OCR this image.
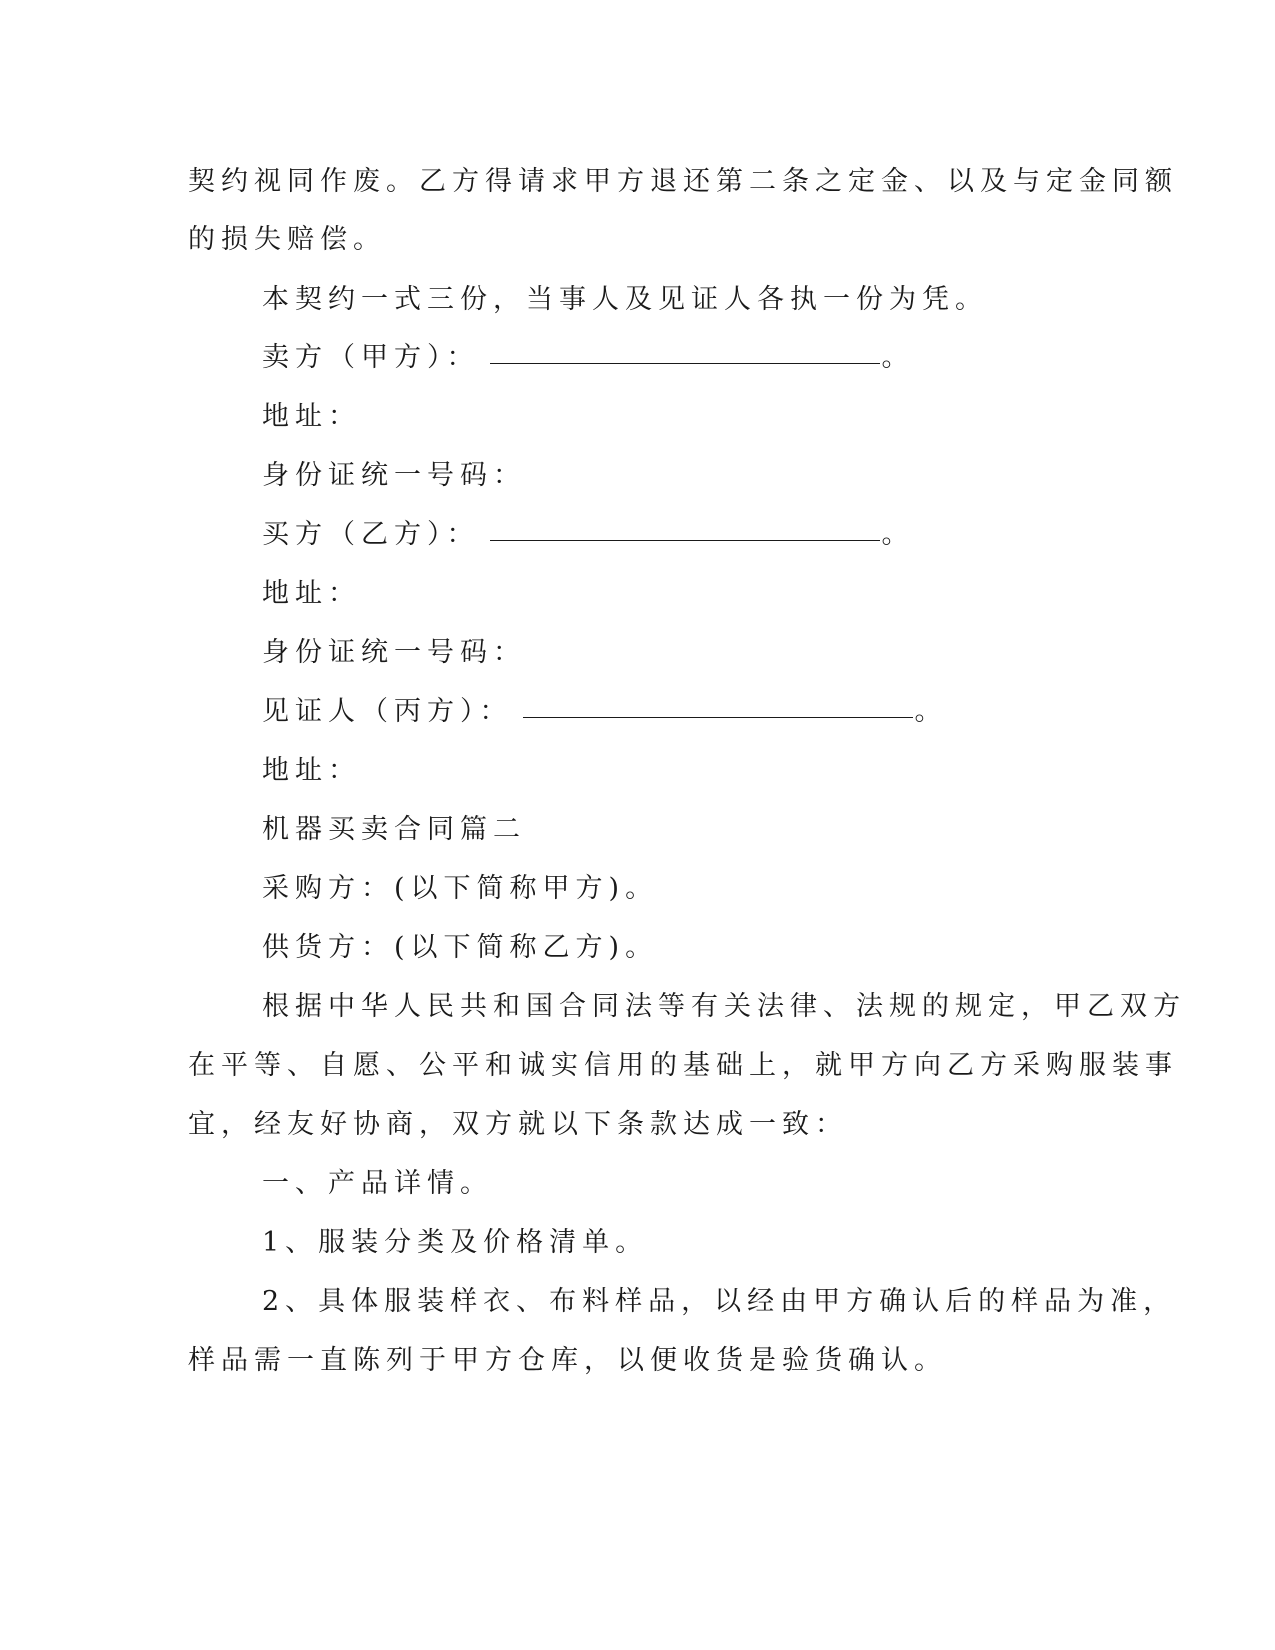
契约视同作废。乙方得请求甲方退还第二条之定金、以及与定金同额
的损失赔偿。
本契约一式三份，当事人及见证人各执一份为凭。
卖方（甲方）：	。
地址：
身份证统一号码：
买方（乙方）：	。
地址：
身份证统一号码：
见证人（丙方）：	。
地址：
机器买卖合同篇二
采购方：(以下简称甲方)。
供货方：(以下简称乙方)。
根据中华人民共和国合同法等有关法律、法规的规定，甲乙双方
在平等、自愿、公平和诚实信用的基础上，就甲方向乙方采购服装事
宜，经友好协商，双方就以下条款达成一致：
一、产品详情。
1、服装分类及价格清单。
2、具体服装样衣、布料样品，以经由甲方确认后的样品为准，
样品需一直陈列于甲方仓库，以便收货是验货确认。
